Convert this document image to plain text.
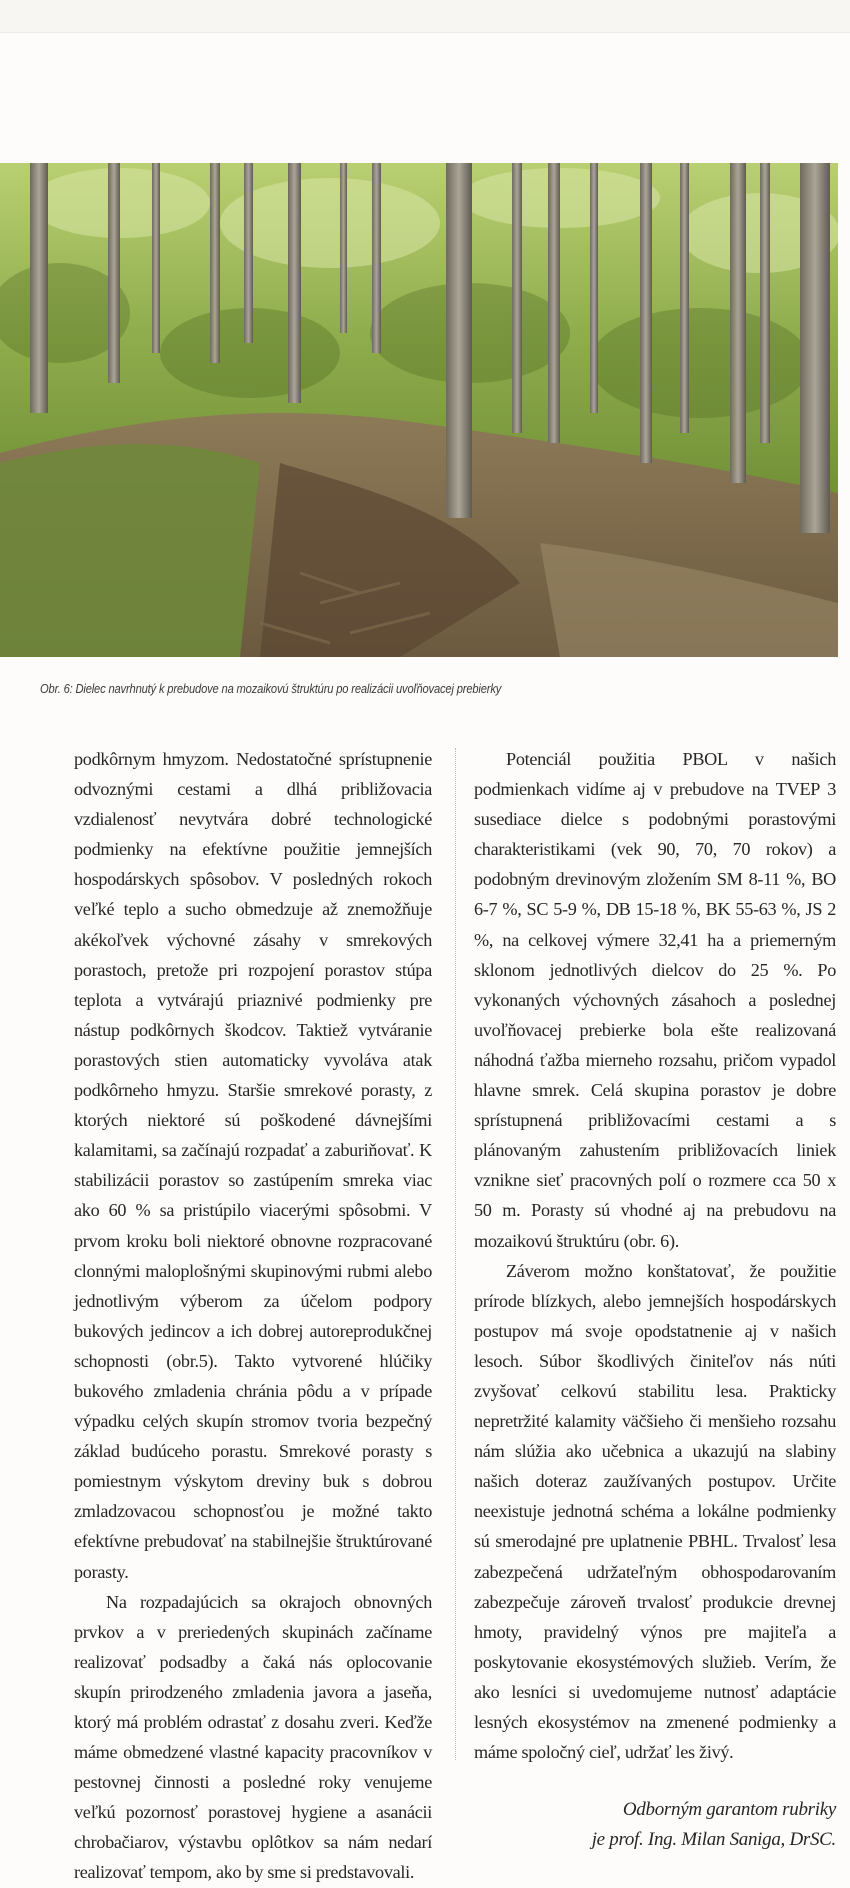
Obr. 6: Dielec navrhnutý k prebudove na mozaikovú štruktúru po realizácii uvoľňovacej prebierky

podkôrnym hmyzom. Nedostatočné sprístupnenie odvoznými cestami a dlhá približovacia vzdialenosť nevytvára dobré technologické podmienky na efektívne použitie jemnejších hospodárskych spôsobov. V posledných rokoch veľké teplo a sucho obmedzuje až znemožňuje akékoľvek výchovné zásahy v smrekových porastoch, pretože pri rozpojení porastov stúpa teplota a vytvárajú priaznivé podmienky pre nástup podkôrnych škodcov. Taktiež vytváranie porastových stien automaticky vyvoláva atak podkôrneho hmyzu. Staršie smrekové porasty, z ktorých niektoré sú poškodené dávnejšími kalamitami, sa začínajú rozpadať a zaburiňovať. K stabilizácii porastov so zastúpením smreka viac ako 60 % sa pristúpilo viacerými spôsobmi. V prvom kroku boli niektoré obnovne rozpracované clonnými maloplošnými skupinovými rubmi alebo jednotlivým výberom za účelom podpory bukových jedincov a ich dobrej autoreprodukčnej schopnosti (obr.5). Takto vytvorené hlúčiky bukového zmladenia chránia pôdu a v prípade výpadku celých skupín stromov tvoria bezpečný základ budúceho porastu. Smrekové porasty s pomiestnym výskytom dreviny buk s dobrou zmladzovacou schopnosťou je možné takto efektívne prebudovať na stabilnejšie štruktúrované porasty.

Na rozpadajúcich sa okrajoch obnovných prvkov a v preriedených skupinách začíname realizovať podsadby a čaká nás oplocovanie skupín prirodzeného zmladenia javora a jaseňa, ktorý má problém odrastať z dosahu zveri. Keďže máme obmedzené vlastné kapacity pracovníkov v pestovnej činnosti a posledné roky venujeme veľkú pozornosť porastovej hygiene a asanácii chrobačiarov, výstavbu oplôtkov sa nám nedarí realizovať tempom, ako by sme si predstavovali.

Potenciál použitia PBOL v našich podmienkach vidíme aj v prebudove na TVEP 3 susediace dielce s podobnými porastovými charakteristikami (vek 90, 70, 70 rokov) a podobným drevinovým zložením SM 8-11 %, BO 6-7 %, SC 5-9 %, DB 15-18 %, BK 55-63 %, JS 2 %, na celkovej výmere 32,41 ha a priemerným sklonom jednotlivých dielcov do 25 %. Po vykonaných výchovných zásahoch a poslednej uvoľňovacej prebierke bola ešte realizovaná náhodná ťažba mierneho rozsahu, pričom vypadol hlavne smrek. Celá skupina porastov je dobre sprístupnená približovacími cestami a s plánovaným zahustením približovacích liniek vznikne sieť pracovných polí o rozmere cca 50 x 50 m. Porasty sú vhodné aj na prebudovu na mozaikovú štruktúru (obr. 6).

Záverom možno konštatovať, že použitie prírode blízkych, alebo jemnejších hospodárskych postupov má svoje opodstatnenie aj v našich lesoch. Súbor škodlivých činiteľov nás núti zvyšovať celkovú stabilitu lesa. Prakticky nepretržité kalamity väčšieho či menšieho rozsahu nám slúžia ako učebnica a ukazujú na slabiny našich doteraz zaužívaných postupov. Určite neexistuje jednotná schéma a lokálne podmienky sú smerodajné pre uplatnenie PBHL. Trvalosť lesa zabezpečená udržateľným obhospodarovaním zabezpečuje zároveň trvalosť produkcie drevnej hmoty, pravidelný výnos pre majiteľa a poskytovanie ekosystémových služieb. Verím, že ako lesníci si uvedomujeme nutnosť adaptácie lesných ekosystémov na zmenené podmienky a máme spoločný cieľ, udržať les živý.

Odborným garantom rubriky
je prof. Ing. Milan Saniga, DrSC.
